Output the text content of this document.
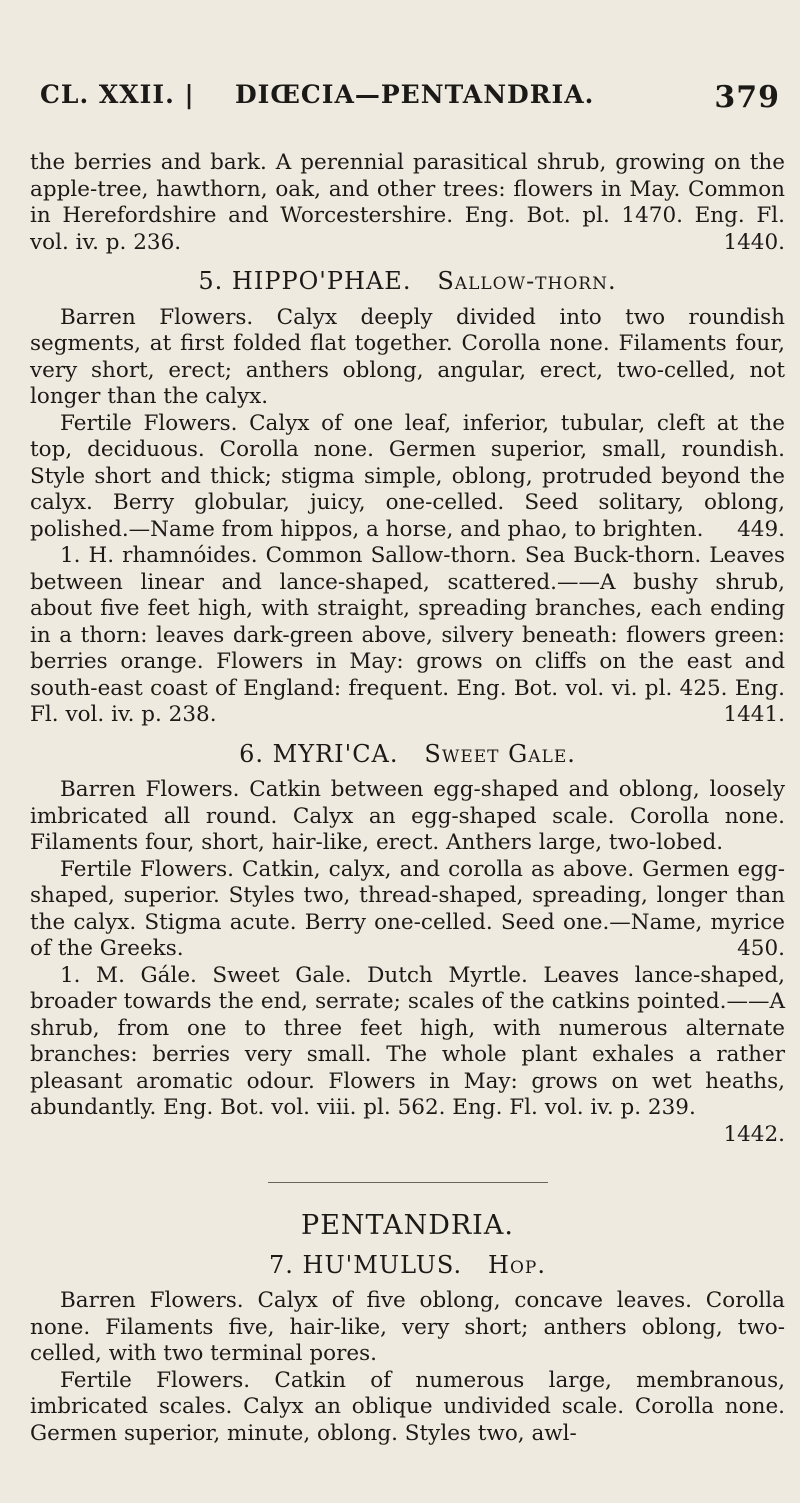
CL. XXII. | DIŒCIA—PENTANDRIA.	379

the berries and bark. A perennial parasitical shrub, growing on the apple-tree, hawthorn, oak, and other trees: flowers in May. Common in Herefordshire and Worcestershire. Eng. Bot. pl. 1470. Eng. Fl. vol. iv. p. 236.	1440.

5. HIPPO'PHAE. Sallow-thorn.

Barren Flowers. Calyx deeply divided into two roundish segments, at first folded flat together. Corolla none. Filaments four, very short, erect; anthers oblong, angular, erect, two-celled, not longer than the calyx.

Fertile Flowers. Calyx of one leaf, inferior, tubular, cleft at the top, deciduous. Corolla none. Germen superior, small, roundish. Style short and thick; stigma simple, oblong, protruded beyond the calyx. Berry globular, juicy, one-celled. Seed solitary, oblong, polished.—Name from hippos, a horse, and phao, to brighten.	449.

1. H. rhamnóides. Common Sallow-thorn. Sea Buck-thorn. Leaves between linear and lance-shaped, scattered.——A bushy shrub, about five feet high, with straight, spreading branches, each ending in a thorn: leaves dark-green above, silvery beneath: flowers green: berries orange. Flowers in May: grows on cliffs on the east and south-east coast of England: frequent. Eng. Bot. vol. vi. pl. 425. Eng. Fl. vol. iv. p. 238.	1441.

6. MYRI'CA. Sweet Gale.

Barren Flowers. Catkin between egg-shaped and oblong, loosely imbricated all round. Calyx an egg-shaped scale. Corolla none. Filaments four, short, hair-like, erect. Anthers large, two-lobed.

Fertile Flowers. Catkin, calyx, and corolla as above. Germen egg-shaped, superior. Styles two, thread-shaped, spreading, longer than the calyx. Stigma acute. Berry one-celled. Seed one.—Name, myrice of the Greeks.	450.

1. M. Gále. Sweet Gale. Dutch Myrtle. Leaves lance-shaped, broader towards the end, serrate; scales of the catkins pointed.——A shrub, from one to three feet high, with numerous alternate branches: berries very small. The whole plant exhales a rather pleasant aromatic odour. Flowers in May: grows on wet heaths, abundantly. Eng. Bot. vol. viii. pl. 562. Eng. Fl. vol. iv. p. 239.
1442.

PENTANDRIA.
7. HU'MULUS. Hop.

Barren Flowers. Calyx of five oblong, concave leaves. Corolla none. Filaments five, hair-like, very short; anthers oblong, two-celled, with two terminal pores.

Fertile Flowers. Catkin of numerous large, membranous, imbricated scales. Calyx an oblique undivided scale. Corolla none. Germen superior, minute, oblong. Styles two, awl-
